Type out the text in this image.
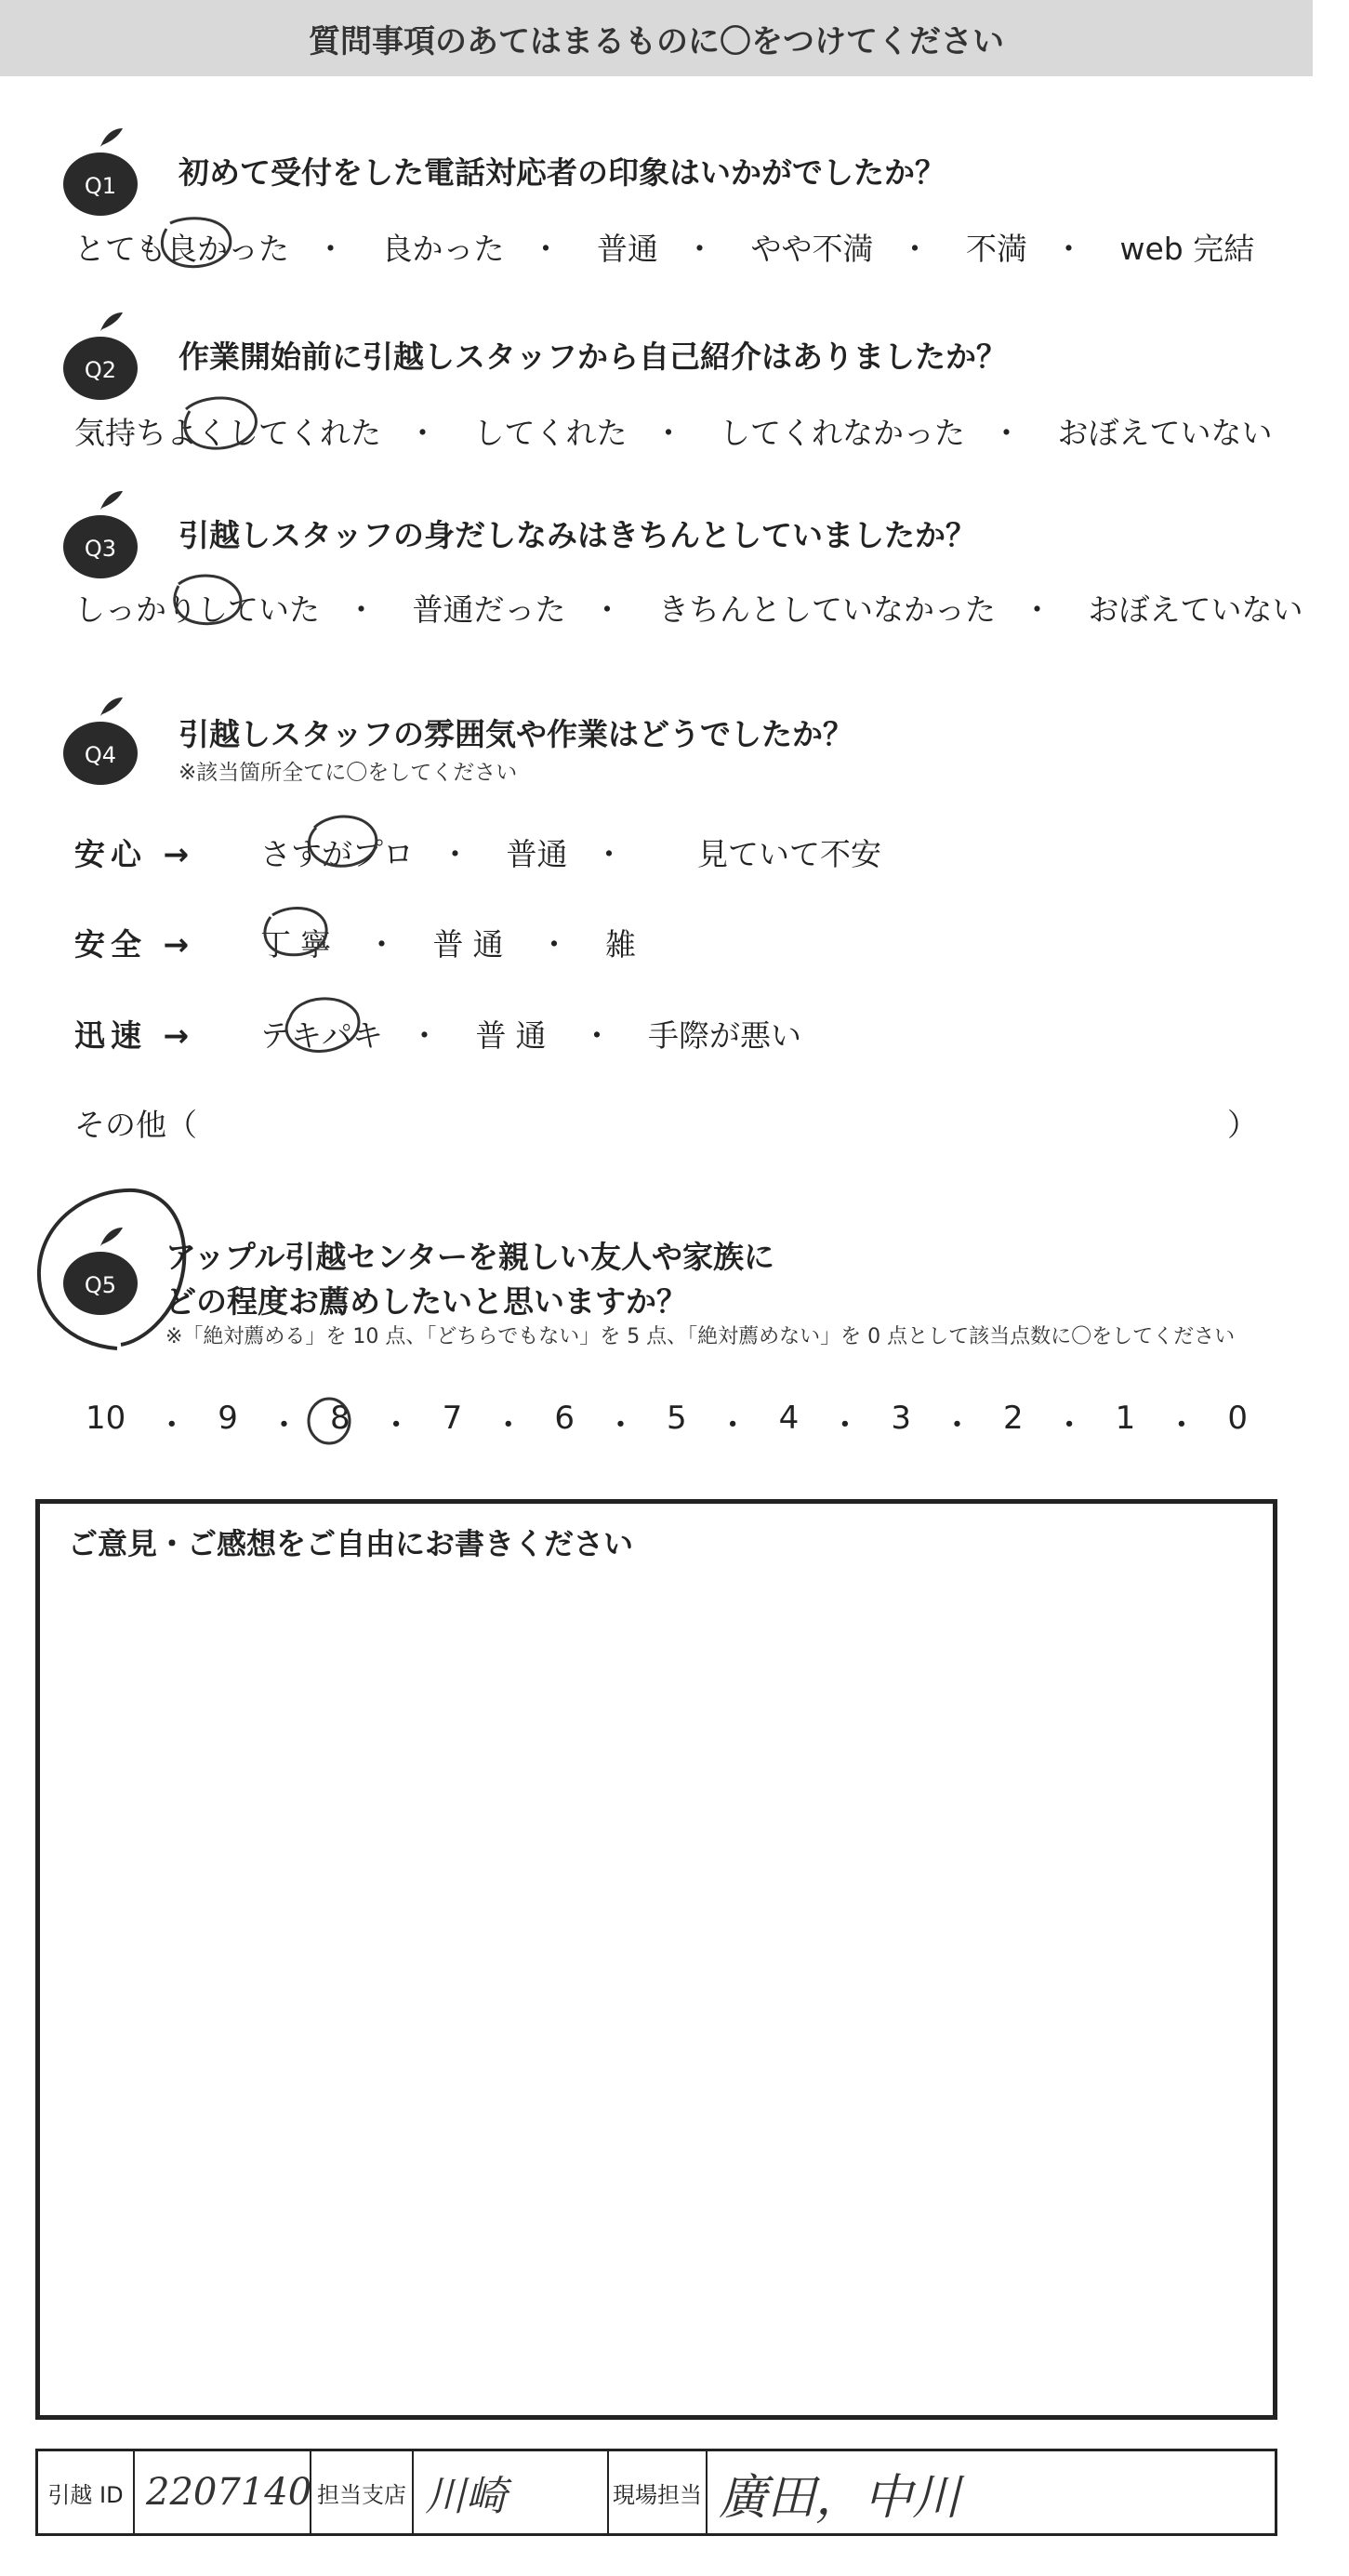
質問事項のあてはまるものに〇をつけてください
Q1 初めて受付をした電話対応者の印象はいかがでしたか？
とても良かった ・ 良かった ・ 普通 ・ やや不満 ・ 不満 ・ web 完結
Q2 作業開始前に引越しスタッフから自己紹介はありましたか？
気持ちよくしてくれた ・ してくれた ・ してくれなかった ・ おぼえていない
Q3 引越しスタッフの身だしなみはきちんとしていましたか？
しっかりしていた ・ 普通だった ・ きちんとしていなかった ・ おぼえていない
Q4
引越しスタッフの雰囲気や作業はどうでしたか？
※該当箇所全てに〇をしてください
安心 → さすがプロ ・ 普通 ・ 見ていて不安
安全 → 丁寧 ・ 普通 ・ 雑
迅速 → テキパキ ・ 普通 ・ 手際が悪い
その他（	）
Q5
アップル引越センターを親しい友人や家族に
どの程度お薦めしたいと思いますか？
※「絶対薦める」を 10 点、「どちらでもない」を 5 点、「絶対薦めない」を 0 点として該当点数に〇をしてください
10 ・ 9 ・ 8 ・ 7 ・ 6 ・ 5 ・ 4 ・ 3 ・ 2 ・ 1 ・ 0
ご意見・ご感想をご自由にお書きください
引越 ID 2207140 担当支店 川崎	現場担当 廣田，中川
